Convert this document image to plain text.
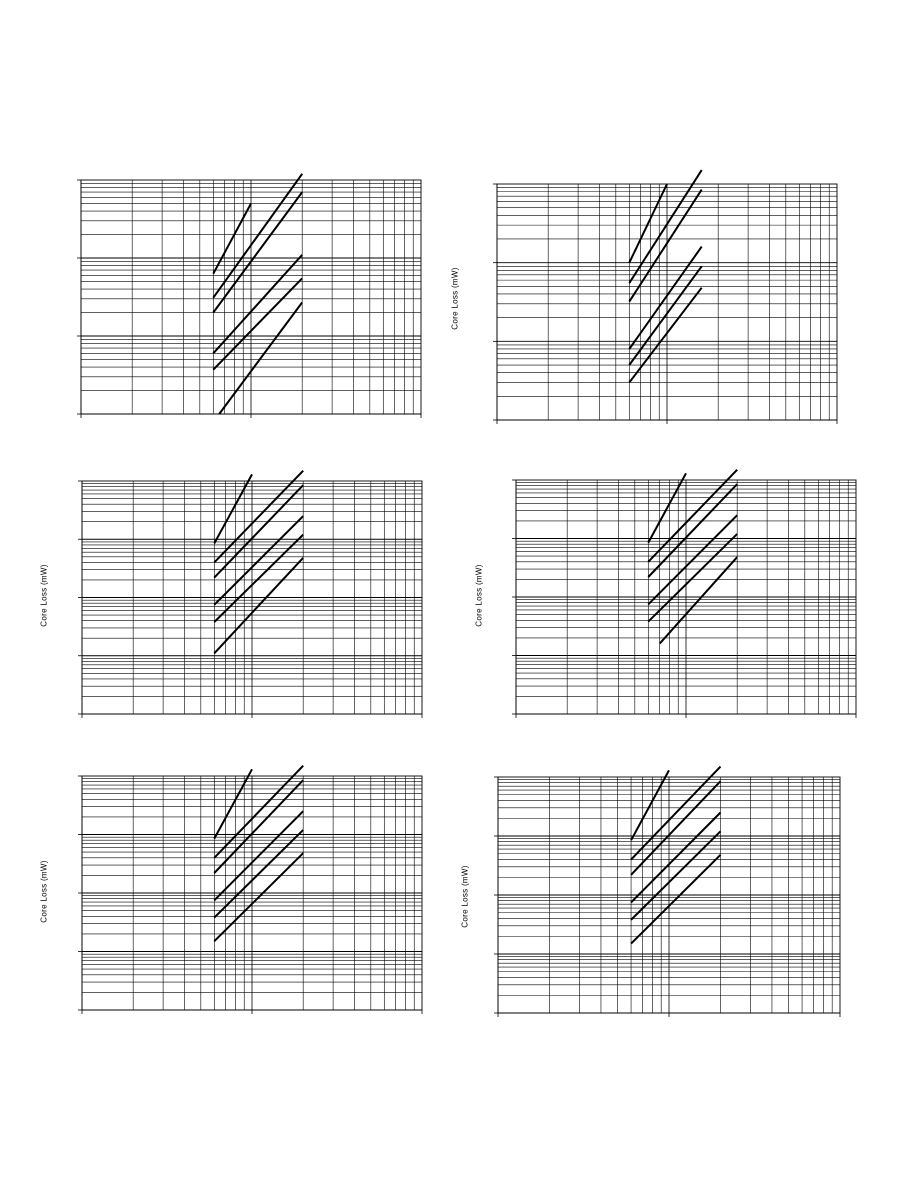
Core Loss (mW)
Core Loss (mW)	Core Loss (mW)
Core Loss (mW)	Core Loss (mW)
